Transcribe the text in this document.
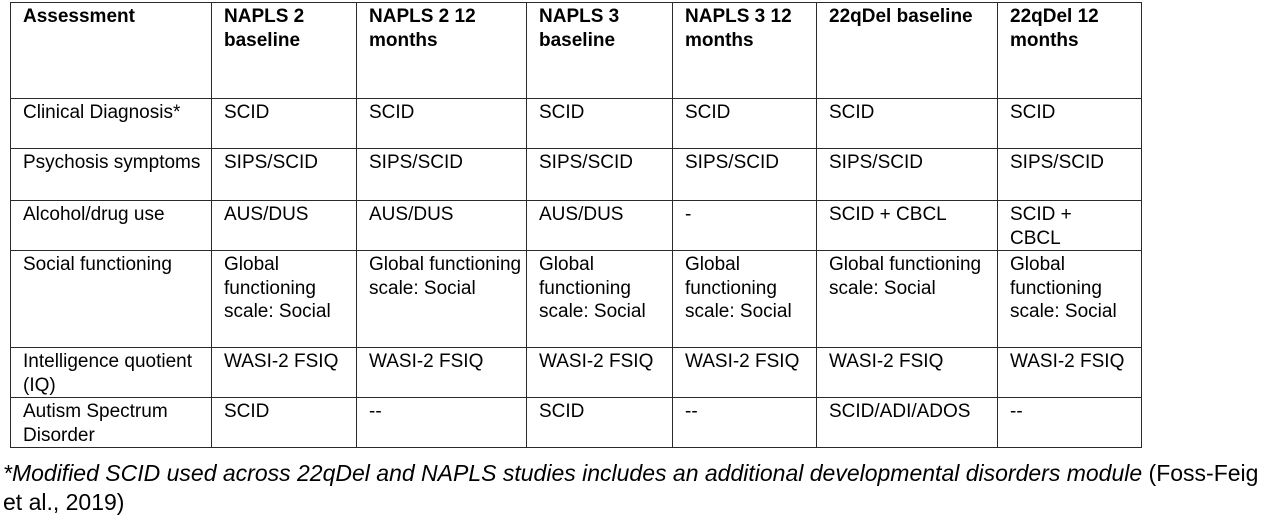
Assessment	NAPLS 2 baseline	NAPLS 2 12 months	NAPLS 3 baseline	NAPLS 3 12 months	22qDel baseline	22qDel 12 months
Clinical Diagnosis*	SCID	SCID	SCID	SCID	SCID	SCID
Psychosis symptoms	SIPS/SCID	SIPS/SCID	SIPS/SCID	SIPS/SCID	SIPS/SCID	SIPS/SCID
Alcohol/drug use	AUS/DUS	AUS/DUS	AUS/DUS	-	SCID + CBCL	SCID + CBCL
Social functioning	Global functioning scale: Social	Global functioning scale: Social	Global functioning scale: Social	Global functioning scale: Social	Global functioning scale: Social	Global functioning scale: Social
Intelligence quotient (IQ)	WASI-2 FSIQ	WASI-2 FSIQ	WASI-2 FSIQ	WASI-2 FSIQ	WASI-2 FSIQ	WASI-2 FSIQ
Autism Spectrum Disorder	SCID	--	SCID	--	SCID/ADI/ADOS	--
*Modified SCID used across 22qDel and NAPLS studies includes an additional developmental disorders module (Foss-Feig et al., 2019)
